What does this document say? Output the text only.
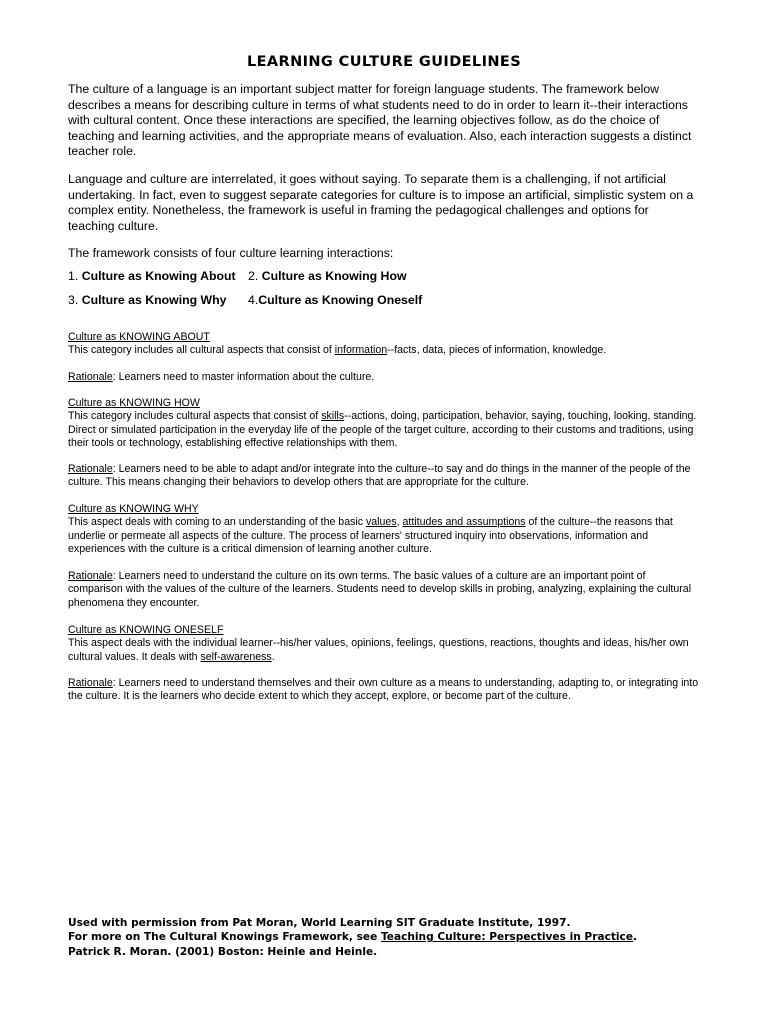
LEARNING CULTURE GUIDELINES

The culture of a language is an important subject matter for foreign language students. The framework below describes a means for describing culture in terms of what students need to do in order to learn it--their interactions with cultural content. Once these interactions are specified, the learning objectives follow, as do the choice of teaching and learning activities, and the appropriate means of evaluation. Also, each interaction suggests a distinct teacher role.

Language and culture are interrelated, it goes without saying. To separate them is a challenging, if not artificial undertaking. In fact, even to suggest separate categories for culture is to impose an artificial, simplistic system on a complex entity. Nonetheless, the framework is useful in framing the pedagogical challenges and options for teaching culture.

The framework consists of four culture learning interactions:

1. Culture as Knowing About 2. Culture as Knowing How
3. Culture as Knowing Why 4.Culture as Knowing Oneself

Culture as KNOWING ABOUT
This category includes all cultural aspects that consist of information--facts, data, pieces of information, knowledge.

Rationale: Learners need to master information about the culture.

Culture as KNOWING HOW
This category includes cultural aspects that consist of skills--actions, doing, participation, behavior, saying, touching, looking, standing. Direct or simulated participation in the everyday life of the people of the target culture, according to their customs and traditions, using their tools or technology, establishing effective relationships with them.

Rationale: Learners need to be able to adapt and/or integrate into the culture--to say and do things in the manner of the people of the culture. This means changing their behaviors to develop others that are appropriate for the culture.

Culture as KNOWING WHY
This aspect deals with coming to an understanding of the basic values, attitudes and assumptions of the culture--the reasons that underlie or permeate all aspects of the culture. The process of learners' structured inquiry into observations, information and experiences with the culture is a critical dimension of learning another culture.

Rationale: Learners need to understand the culture on its own terms. The basic values of a culture are an important point of comparison with the values of the culture of the learners. Students need to develop skills in probing, analyzing, explaining the cultural phenomena they encounter.

Culture as KNOWING ONESELF
This aspect deals with the individual learner--his/her values, opinions, feelings, questions, reactions, thoughts and ideas, his/her own cultural values. It deals with self-awareness.

Rationale: Learners need to understand themselves and their own culture as a means to understanding, adapting to, or integrating into the culture. It is the learners who decide extent to which they accept, explore, or become part of the culture.

Used with permission from Pat Moran, World Learning SIT Graduate Institute, 1997.
For more on The Cultural Knowings Framework, see Teaching Culture: Perspectives in Practice.
Patrick R. Moran. (2001) Boston: Heinle and Heinle.
